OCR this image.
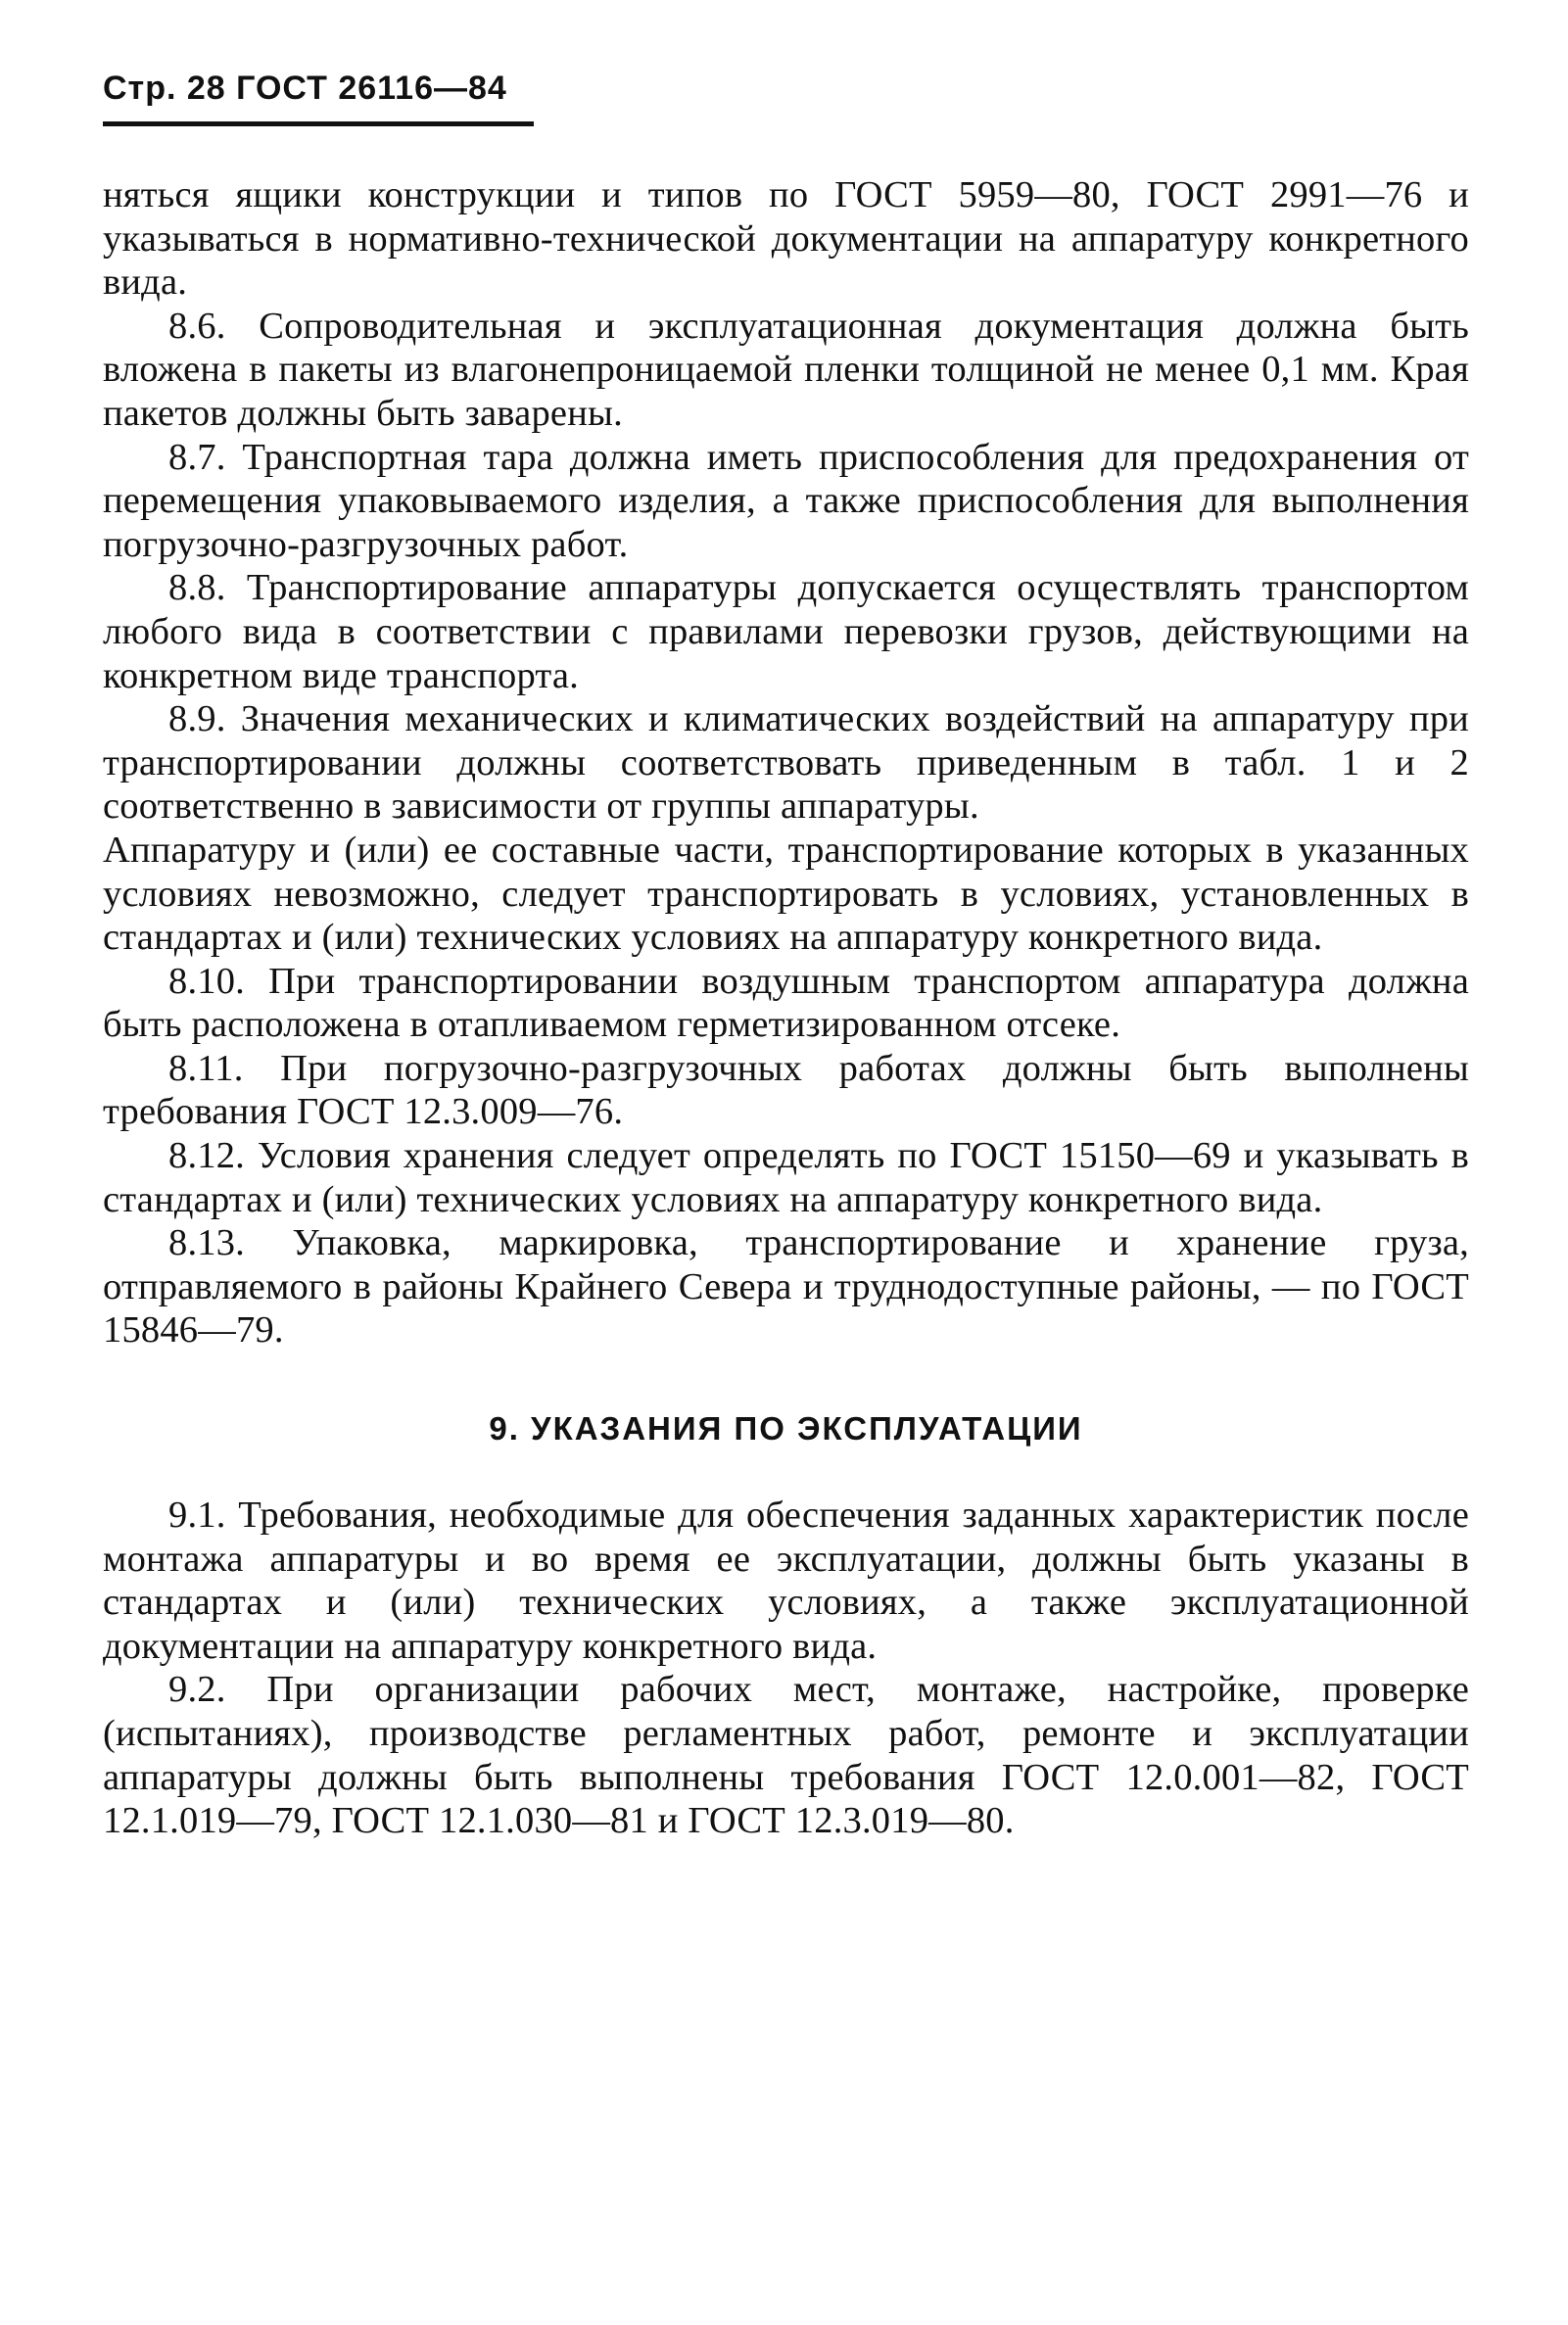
Стр. 28 ГОСТ 26116—84

няться ящики конструкции и типов по ГОСТ 5959—80, ГОСТ 2991—76 и указываться в нормативно-технической документации на аппаратуру конкретного вида.

8.6. Сопроводительная и эксплуатационная документация должна быть вложена в пакеты из влагонепроницаемой пленки толщиной не менее 0,1 мм. Края пакетов должны быть заварены.

8.7. Транспортная тара должна иметь приспособления для предохранения от перемещения упаковываемого изделия, а также приспособления для выполнения погрузочно-разгрузочных работ.

8.8. Транспортирование аппаратуры допускается осуществлять транспортом любого вида в соответствии с правилами перевозки грузов, действующими на конкретном виде транспорта.

8.9. Значения механических и климатических воздействий на аппаратуру при транспортировании должны соответствовать приведенным в табл. 1 и 2 соответственно в зависимости от группы аппаратуры.

Аппаратуру и (или) ее составные части, транспортирование которых в указанных условиях невозможно, следует транспортировать в условиях, установленных в стандартах и (или) технических условиях на аппаратуру конкретного вида.

8.10. При транспортировании воздушным транспортом аппаратура должна быть расположена в отапливаемом герметизированном отсеке.

8.11. При погрузочно-разгрузочных работах должны быть выполнены требования ГОСТ 12.3.009—76.

8.12. Условия хранения следует определять по ГОСТ 15150—69 и указывать в стандартах и (или) технических условиях на аппаратуру конкретного вида.

8.13. Упаковка, маркировка, транспортирование и хранение груза, отправляемого в районы Крайнего Севера и труднодоступные районы, — по ГОСТ 15846—79.

9. УКАЗАНИЯ ПО ЭКСПЛУАТАЦИИ

9.1. Требования, необходимые для обеспечения заданных характеристик после монтажа аппаратуры и во время ее эксплуатации, должны быть указаны в стандартах и (или) технических условиях, а также эксплуатационной документации на аппаратуру конкретного вида.

9.2. При организации рабочих мест, монтаже, настройке, проверке (испытаниях), производстве регламентных работ, ремонте и эксплуатации аппаратуры должны быть выполнены требования ГОСТ 12.0.001—82, ГОСТ 12.1.019—79, ГОСТ 12.1.030—81 и ГОСТ 12.3.019—80.
